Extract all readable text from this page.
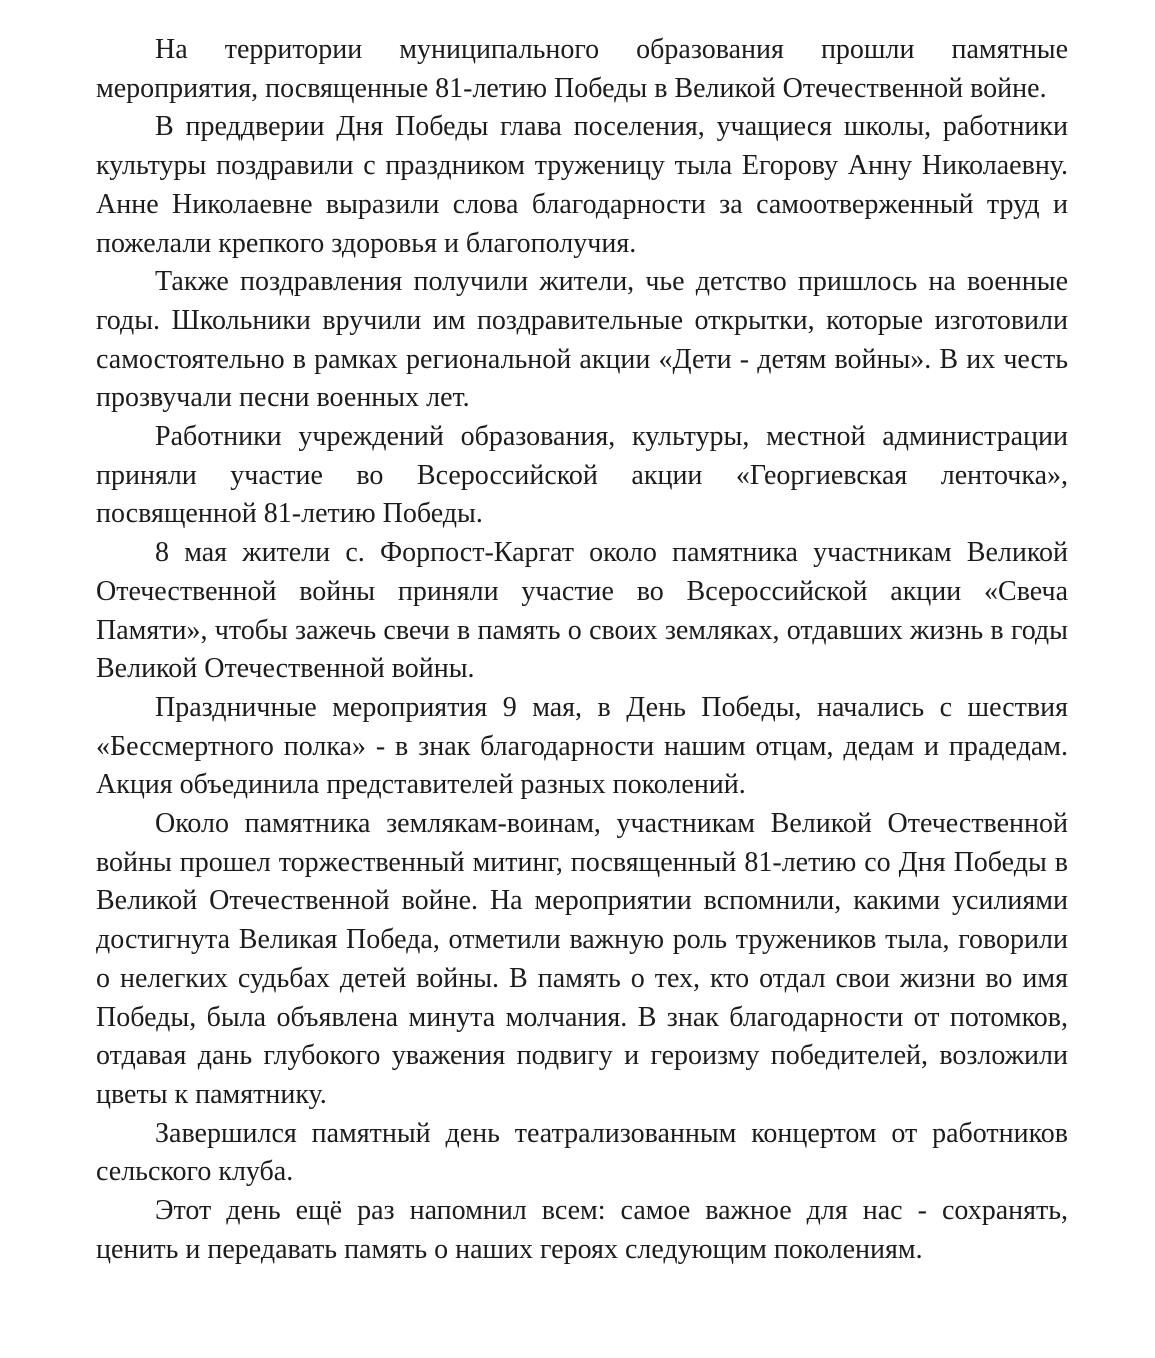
На территории муниципального образования прошли памятные мероприятия, посвященные 81-летию Победы в Великой Отечественной войне.

В преддверии Дня Победы глава поселения, учащиеся школы, работники культуры поздравили с праздником труженицу тыла Егорову Анну Николаевну. Анне Николаевне выразили слова благодарности за самоотверженный труд и пожелали крепкого здоровья и благополучия.

Также поздравления получили жители, чье детство пришлось на военные годы. Школьники вручили им поздравительные открытки, которые изготовили самостоятельно в рамках региональной акции «Дети - детям войны». В их честь прозвучали песни военных лет.

Работники учреждений образования, культуры, местной администрации приняли участие во Всероссийской акции «Георгиевская ленточка», посвященной 81-летию Победы.

8 мая жители с. Форпост-Каргат около памятника участникам Великой Отечественной войны приняли участие во Всероссийской акции «Свеча Памяти», чтобы зажечь свечи в память о своих земляках, отдавших жизнь в годы Великой Отечественной войны.

Праздничные мероприятия 9 мая, в День Победы, начались с шествия «Бессмертного полка» - в знак благодарности нашим отцам, дедам и прадедам. Акция объединила представителей разных поколений.

Около памятника землякам-воинам, участникам Великой Отечественной войны прошел торжественный митинг, посвященный 81-летию со Дня Победы в Великой Отечественной войне. На мероприятии вспомнили, какими усилиями достигнута Великая Победа, отметили важную роль тружеников тыла, говорили о нелегких судьбах детей войны. В память о тех, кто отдал свои жизни во имя Победы, была объявлена минута молчания. В знак благодарности от потомков, отдавая дань глубокого уважения подвигу и героизму победителей, возложили цветы к памятнику.

Завершился памятный день театрализованным концертом от работников сельского клуба.

Этот день ещё раз напомнил всем: самое важное для нас - сохранять, ценить и передавать память о наших героях следующим поколениям.
